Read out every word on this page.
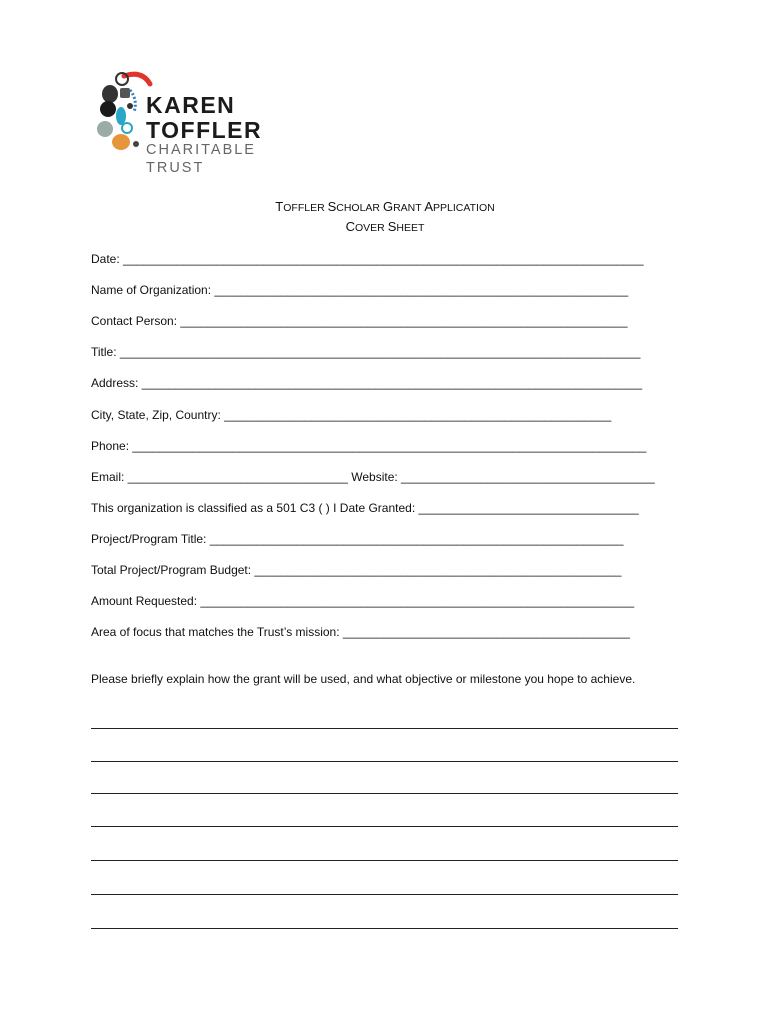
KAREN
TOFFLER
CHARITABLE
TRUST
TOFFLER SCHOLAR GRANT APPLICATION
COVER SHEET
Date: ______________________________________________________________________________
Name of Organization: ______________________________________________________________
Contact Person: ___________________________________________________________________
Title: ______________________________________________________________________________
Address: ___________________________________________________________________________
City, State, Zip, Country: __________________________________________________________
Phone: _____________________________________________________________________________
Email: _________________________________ Website: ______________________________________
This organization is classified as a 501 C3 ( ) I Date Granted: _________________________________
Project/Program Title: ______________________________________________________________
Total Project/Program Budget: _______________________________________________________
Amount Requested: _________________________________________________________________
Area of focus that matches the Trust’s mission: ___________________________________________
Please briefly explain how the grant will be used, and what objective or milestone you hope to achieve.
